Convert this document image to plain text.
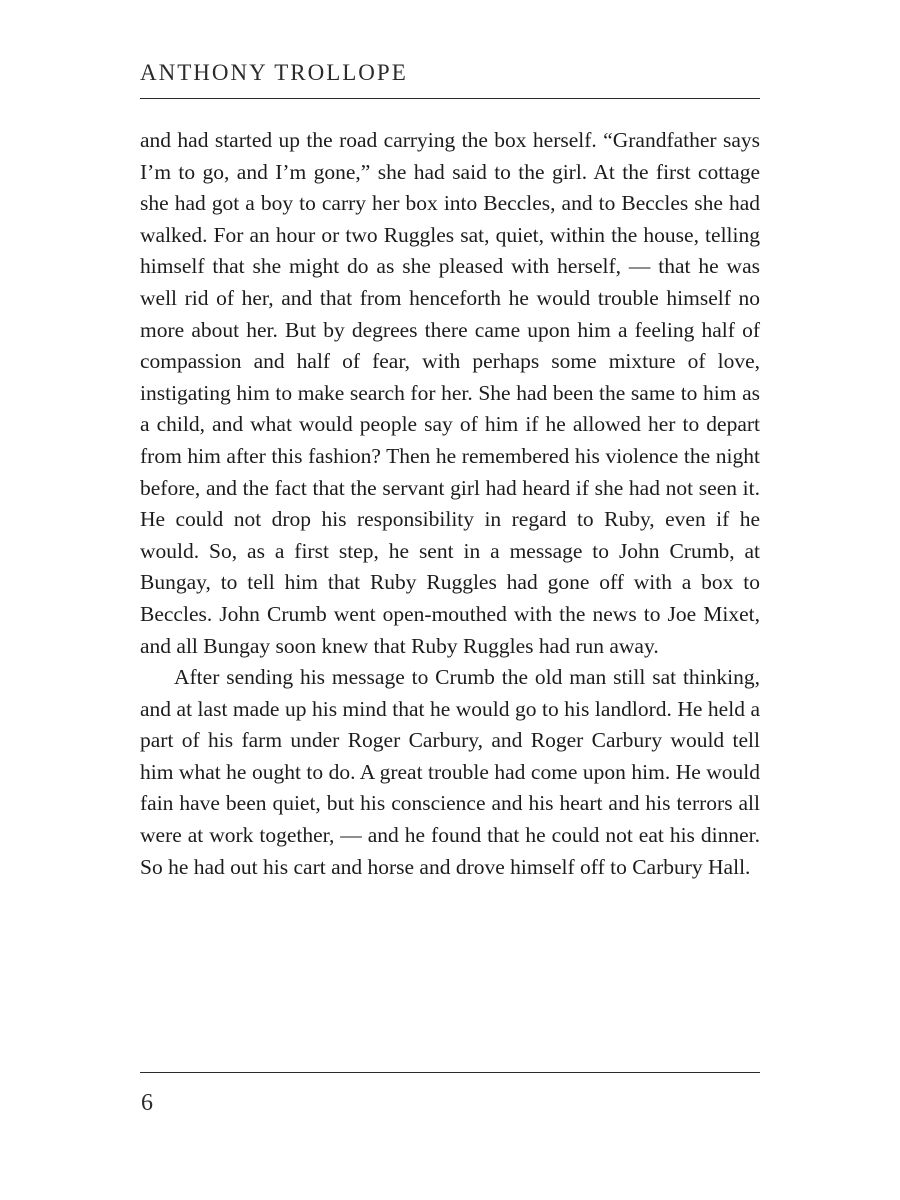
ANTHONY TROLLOPE

and had started up the road carrying the box herself. “Grandfather says I’m to go, and I’m gone,” she had said to the girl. At the first cottage she had got a boy to carry her box into Beccles, and to Beccles she had walked. For an hour or two Ruggles sat, quiet, within the house, telling himself that she might do as she pleased with herself, — that he was well rid of her, and that from henceforth he would trouble himself no more about her. But by degrees there came upon him a feeling half of compassion and half of fear, with perhaps some mixture of love, instigating him to make search for her. She had been the same to him as a child, and what would people say of him if he allowed her to depart from him after this fashion? Then he remembered his violence the night before, and the fact that the servant girl had heard if she had not seen it. He could not drop his responsibility in regard to Ruby, even if he would. So, as a first step, he sent in a message to John Crumb, at Bungay, to tell him that Ruby Ruggles had gone off with a box to Beccles. John Crumb went open-mouthed with the news to Joe Mixet, and all Bungay soon knew that Ruby Ruggles had run away.

After sending his message to Crumb the old man still sat thinking, and at last made up his mind that he would go to his landlord. He held a part of his farm under Roger Carbury, and Roger Carbury would tell him what he ought to do. A great trouble had come upon him. He would fain have been quiet, but his conscience and his heart and his terrors all were at work together, — and he found that he could not eat his dinner. So he had out his cart and horse and drove himself off to Carbury Hall.

6
